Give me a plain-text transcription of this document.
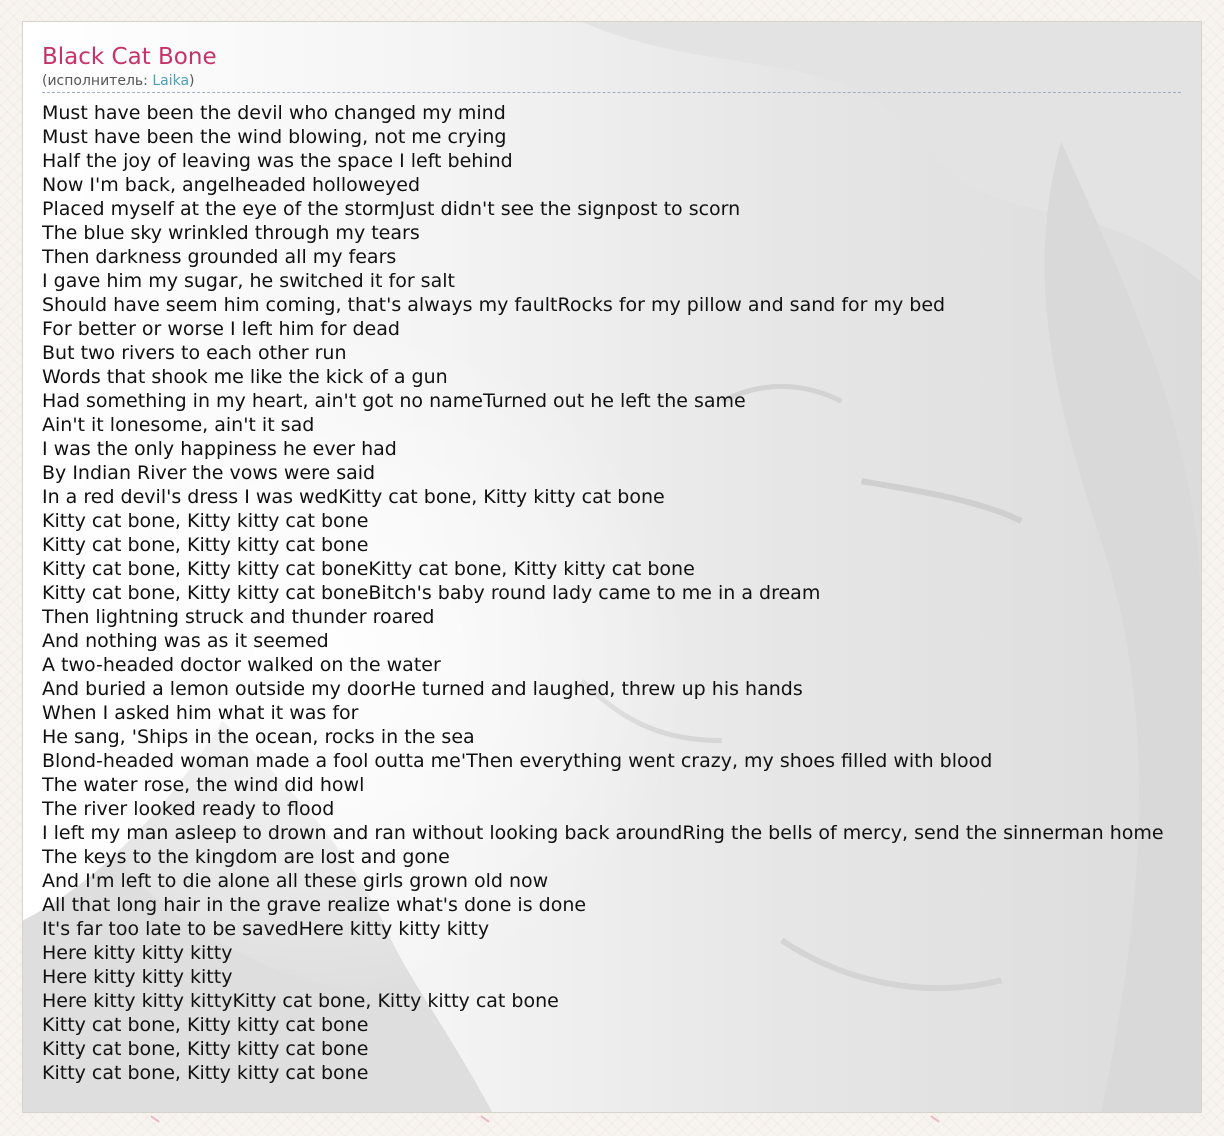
Black Cat Bone
(исполнитель: Laika)
Must have been the devil who changed my mind
Must have been the wind blowing, not me crying
Half the joy of leaving was the space I left behind
Now I'm back, angelheaded holloweyed
Placed myself at the eye of the stormJust didn't see the signpost to scorn
The blue sky wrinkled through my tears
Then darkness grounded all my fears
I gave him my sugar, he switched it for salt
Should have seem him coming, that's always my faultRocks for my pillow and sand for my bed
For better or worse I left him for dead
But two rivers to each other run
Words that shook me like the kick of a gun
Had something in my heart, ain't got no nameTurned out he left the same
Ain't it lonesome, ain't it sad
I was the only happiness he ever had
By Indian River the vows were said
In a red devil's dress I was wedKitty cat bone, Kitty kitty cat bone
Kitty cat bone, Kitty kitty cat bone
Kitty cat bone, Kitty kitty cat bone
Kitty cat bone, Kitty kitty cat boneKitty cat bone, Kitty kitty cat bone
Kitty cat bone, Kitty kitty cat boneBitch's baby round lady came to me in a dream
Then lightning struck and thunder roared
And nothing was as it seemed
A two-headed doctor walked on the water
And buried a lemon outside my doorHe turned and laughed, threw up his hands
When I asked him what it was for
He sang, 'Ships in the ocean, rocks in the sea
Blond-headed woman made a fool outta me'Then everything went crazy, my shoes filled with blood
The water rose, the wind did howl
The river looked ready to flood
I left my man asleep to drown and ran without looking back aroundRing the bells of mercy, send the sinnerman home
The keys to the kingdom are lost and gone
And I'm left to die alone all these girls grown old now
All that long hair in the grave realize what's done is done
It's far too late to be savedHere kitty kitty kitty
Here kitty kitty kitty
Here kitty kitty kitty
Here kitty kitty kittyKitty cat bone, Kitty kitty cat bone
Kitty cat bone, Kitty kitty cat bone
Kitty cat bone, Kitty kitty cat bone
Kitty cat bone, Kitty kitty cat bone
